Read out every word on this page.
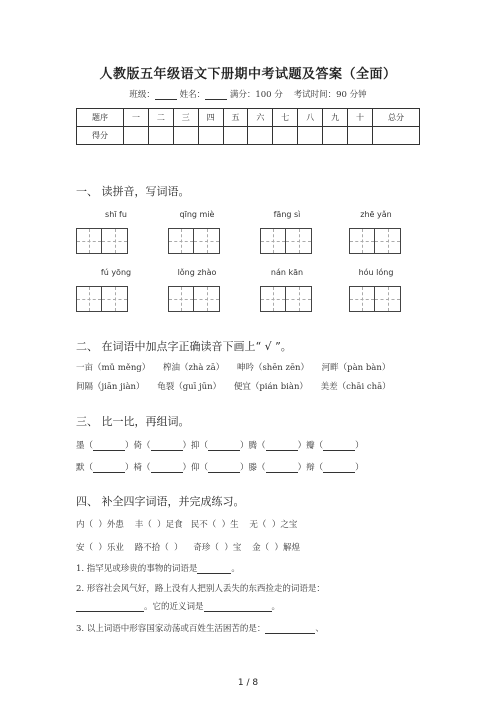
人教版五年级语文下册期中考试题及答案（全面）
班级：	姓名：	满分：100 分 考试时间：90 分钟
题序	一	二	三	四	五	六	七	八	九	十	总分
得分											
一、 读拼音，写词语。
shī fu	qīng miè	fāng sì	zhē yǎn
fú yōng	lǒng zhào	nán kān	hóu lóng
二、 在词语中加点字正确读音下画上“ √ ”。
一亩（mǔ měng） 榨油（zhà zā） 呻吟（shēn zēn） 河畔（pàn bàn）
间隔（jiān jiàn） 龟裂（guī jūn） 便宜（pián biàn） 美差（chāi chā）
三、 比一比，再组词。
墨（	）倚（	）抑（	）腾（	）瓣（	）
默（	）椅（	）仰（	）滕（	）辩（	）
四、 补全四字词语，并完成练习。
内（  ）外患    丰（  ）足食   民不（  ）生    无（  ）之宝
安（  ）乐业    路不拾（  ）    奇珍（  ）宝    金（  ）解煌
1. 指罕见或珍贵的事物的词语是	。
2. 形容社会风气好，路上没有人把别人丢失的东西捡走的词语是：
。它的近义词是	。
3. 以上词语中形容国家动荡或百姓生活困苦的是：	、
1 / 8
